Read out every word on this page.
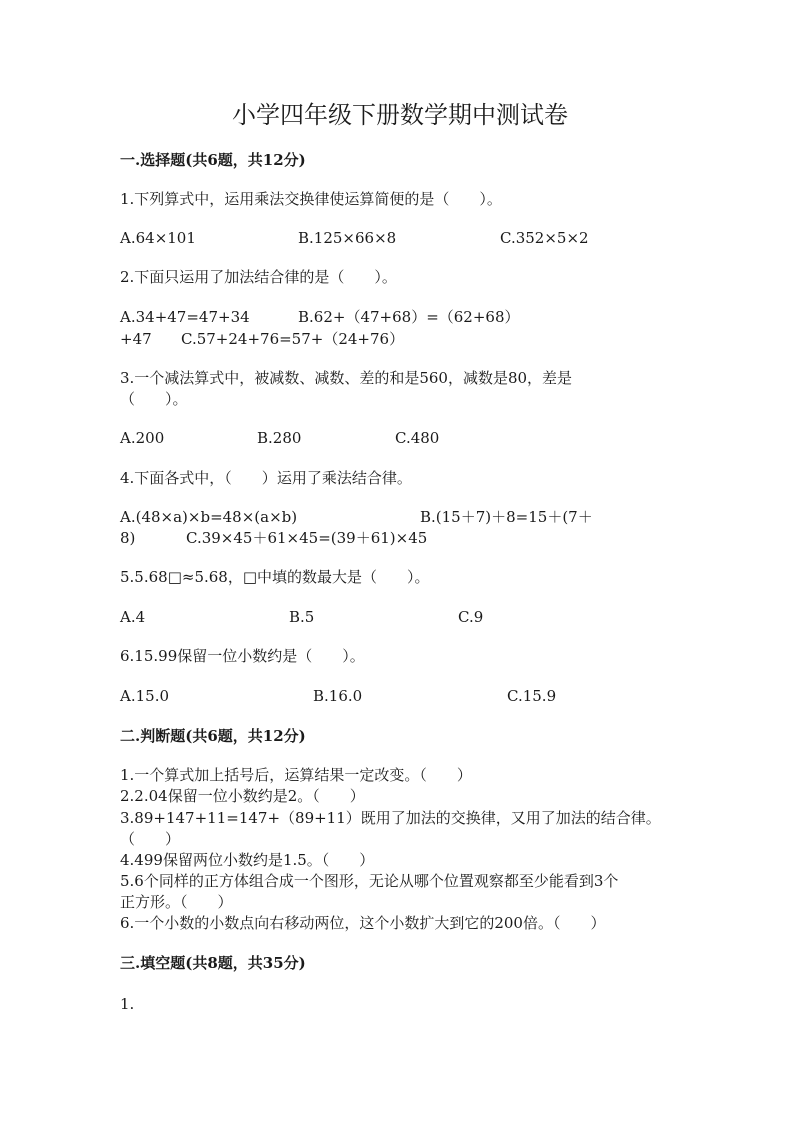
小学四年级下册数学期中测试卷
一.选择题(共6题，共12分)
1.下列算式中，运用乘法交换律使运算简便的是（　　）。
A.64×101	B.125×66×8	C.352×5×2
2.下面只运用了加法结合律的是（　　）。
A.34+47=47+34	B.62+（47+68）=（62+68）
+47 C.57+24+76=57+（24+76）
3.一个减法算式中，被减数、减数、差的和是560，减数是80，差是
（　　）。
A.200	B.280	C.480
4.下面各式中，（　　）运用了乘法结合律。
A.(48×a)×b=48×(a×b)	B.(15＋7)＋8=15＋(7＋
8)	C.39×45＋61×45=(39＋61)×45
5.5.68□≈5.68，□中填的数最大是（　　）。
A.4	B.5	C.9
6.15.99保留一位小数约是（　　）。
A.15.0	B.16.0	C.15.9
二.判断题(共6题，共12分)
1.一个算式加上括号后，运算结果一定改变。（　　）
2.2.04保留一位小数约是2。（　　）
3.89+147+11=147+（89+11）既用了加法的交换律，又用了加法的结合律。
（　　）
4.499保留两位小数约是1.5。（　　）
5.6个同样的正方体组合成一个图形，无论从哪个位置观察都至少能看到3个
正方形。（　　）
6.一个小数的小数点向右移动两位，这个小数扩大到它的200倍。（　　）
三.填空题(共8题，共35分)
1.
